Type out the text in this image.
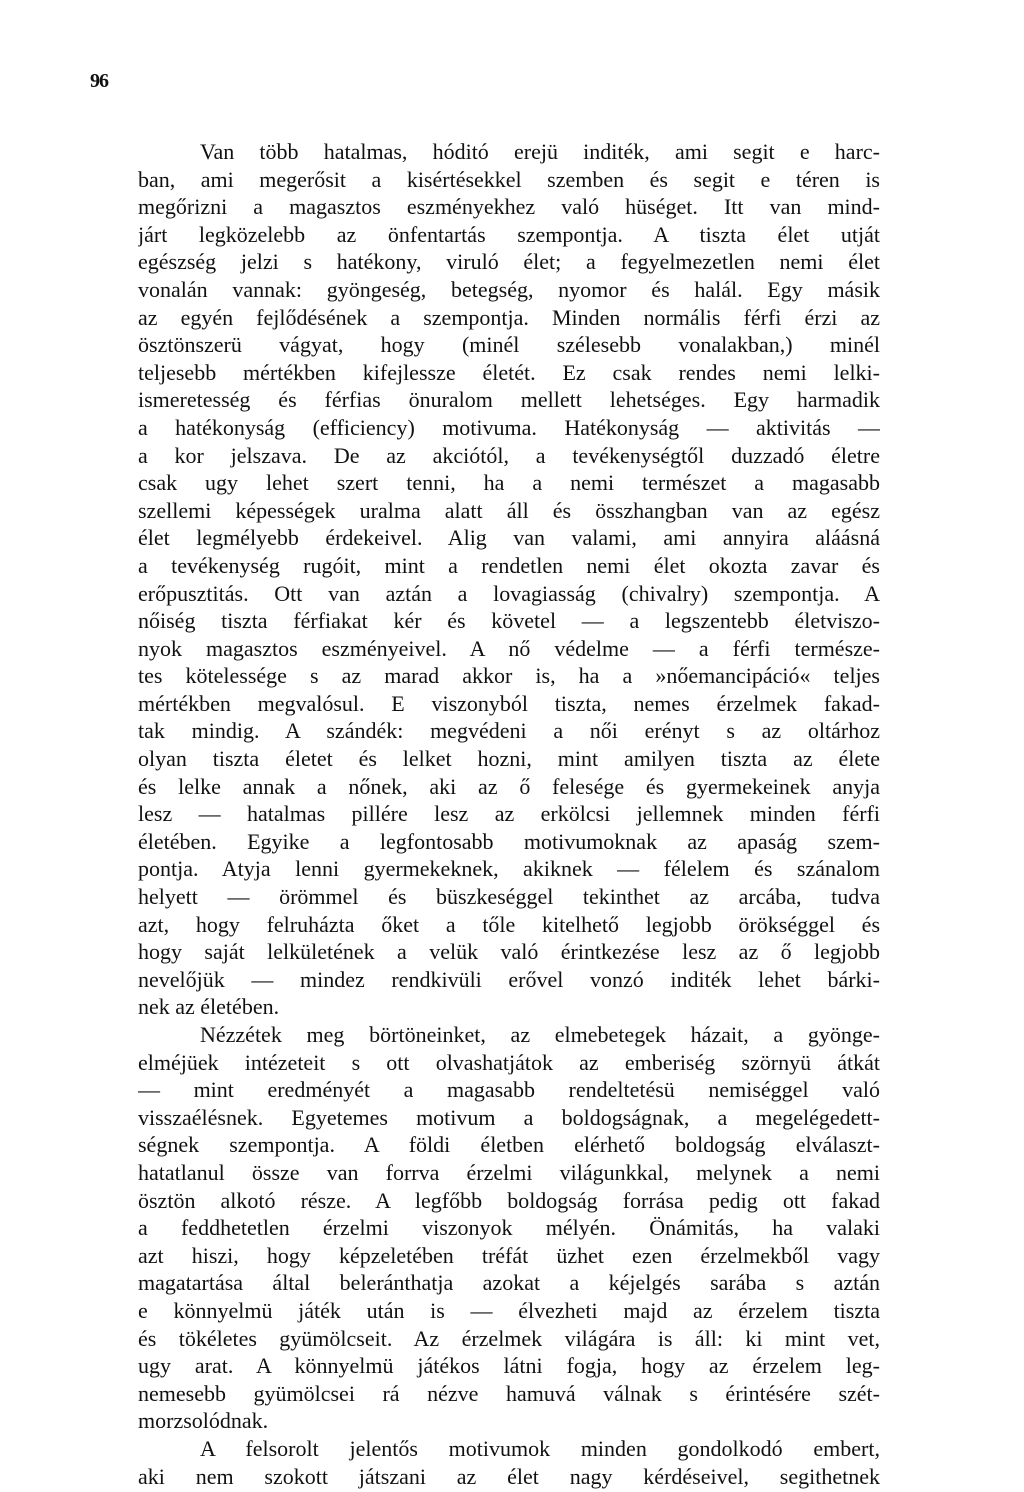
96
Van több hatalmas, hóditó erejü inditék, ami segit e harc-
ban, ami megerősit a kisértésekkel szemben és segit e téren is
megőrizni a magasztos eszményekhez való hüséget. Itt van mind-
járt legközelebb az önfentartás szempontja. A tiszta élet utját
egészség jelzi s hatékony, viruló élet; a fegyelmezetlen nemi élet
vonalán vannak: gyöngeség, betegség, nyomor és halál. Egy másik
az egyén fejlődésének a szempontja. Minden normális férfi érzi az
ösztönszerü vágyat, hogy (minél szélesebb vonalakban,) minél
teljesebb mértékben kifejlessze életét. Ez csak rendes nemi lelki-
ismeretesség és férfias önuralom mellett lehetséges. Egy harmadik
a hatékonyság (efficiency) motivuma. Hatékonyság — aktivitás —
a kor jelszava. De az akciótól, a tevékenységtől duzzadó életre
csak ugy lehet szert tenni, ha a nemi természet a magasabb
szellemi képességek uralma alatt áll és összhangban van az egész
élet legmélyebb érdekeivel. Alig van valami, ami annyira aláásná
a tevékenység rugóit, mint a rendetlen nemi élet okozta zavar és
erőpusztitás. Ott van aztán a lovagiasság (chivalry) szempontja. A
nőiség tiszta férfiakat kér és követel — a legszentebb életviszo-
nyok magasztos eszményeivel. A nő védelme — a férfi természe-
tes kötelessége s az marad akkor is, ha a »nőemancipáció« teljes
mértékben megvalósul. E viszonyból tiszta, nemes érzelmek fakad-
tak mindig. A szándék: megvédeni a női erényt s az oltárhoz
olyan tiszta életet és lelket hozni, mint amilyen tiszta az élete
és lelke annak a nőnek, aki az ő felesége és gyermekeinek anyja
lesz — hatalmas pillére lesz az erkölcsi jellemnek minden férfi
életében. Egyike a legfontosabb motivumoknak az apaság szem-
pontja. Atyja lenni gyermekeknek, akiknek — félelem és szánalom
helyett — örömmel és büszkeséggel tekinthet az arcába, tudva
azt, hogy felruházta őket a tőle kitelhető legjobb örökséggel és
hogy saját lelkületének a velük való érintkezése lesz az ő legjobb
nevelőjük — mindez rendkivüli erővel vonzó inditék lehet bárki-
nek az életében.
Nézzétek meg börtöneinket, az elmebetegek házait, a gyönge-
elméjüek intézeteit s ott olvashatjátok az emberiség szörnyü átkát
— mint eredményét a magasabb rendeltetésü nemiséggel való
visszaélésnek. Egyetemes motivum a boldogságnak, a megelégedett-
ségnek szempontja. A földi életben elérhető boldogság elválaszt-
hatatlanul össze van forrva érzelmi világunkkal, melynek a nemi
ösztön alkotó része. A legfőbb boldogság forrása pedig ott fakad
a feddhetetlen érzelmi viszonyok mélyén. Önámitás, ha valaki
azt hiszi, hogy képzeletében tréfát üzhet ezen érzelmekből vagy
magatartása által beleránthatja azokat a kéjelgés sarába s aztán
e könnyelmü játék után is — élvezheti majd az érzelem tiszta
és tökéletes gyümölcseit. Az érzelmek világára is áll: ki mint vet,
ugy arat. A könnyelmü játékos látni fogja, hogy az érzelem leg-
nemesebb gyümölcsei rá nézve hamuvá válnak s érintésére szét-
morzsolódnak.
A felsorolt jelentős motivumok minden gondolkodó embert,
aki nem szokott játszani az élet nagy kérdéseivel, segithetnek
